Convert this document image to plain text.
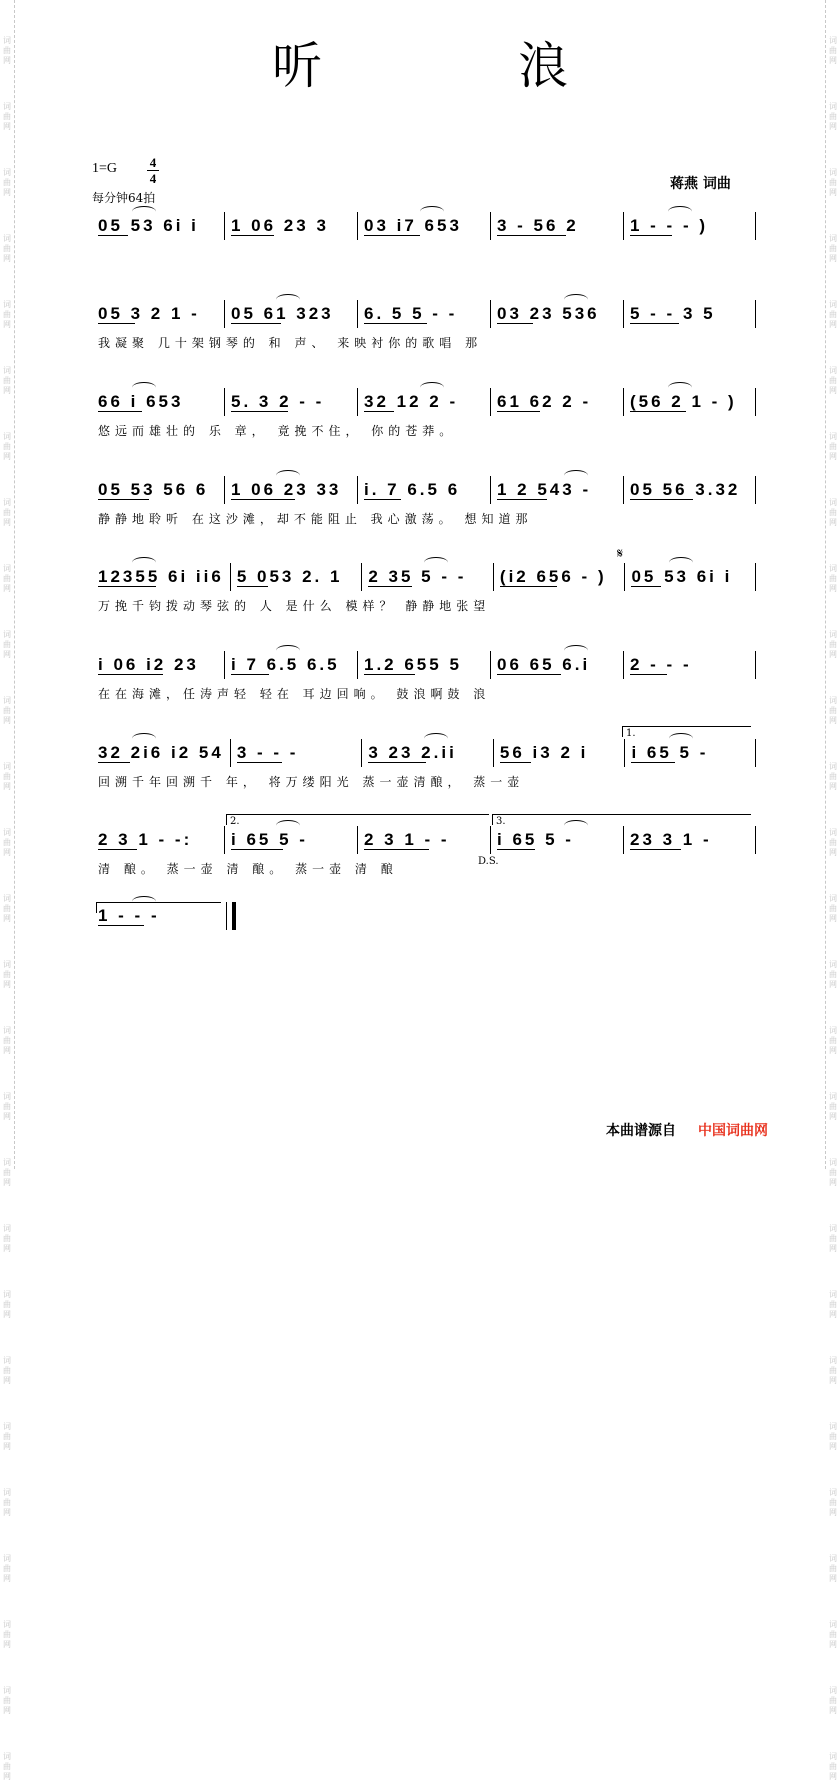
词
曲
网
词
曲
网
词
曲
网
词
曲
网
词
曲
网
词
曲
网
词
曲
网
词
曲
网
词
曲
网
词
曲
网
词
曲
网
词
曲
网
词
曲
网
词
曲
网
词
曲
网
词
曲
网
词
曲
网
词
曲
网
词
曲
网
词
曲
网
词
曲
网
词
曲
网
词
曲
网
词
曲
网
词
曲
网
词
曲
网
词
曲
网
词
曲
网
词
曲
网
词
曲
网
词
曲
网
词
曲
网
词
曲
网
词
曲
网
词
曲
网
词
曲
网
词
曲
网
词
曲
网
词
曲
网
词
曲
网
词
曲
网
词
曲
网
词
曲
网
词
曲
网
词
曲
网
词
曲
网
词
曲
网
词
曲
网
词
曲
网
词
曲
网
词
曲
网
词
曲
网
词
曲
网
词
曲
网
听 浪
1=G	4
4
每分钟64拍
蒋燕 词曲
05 53 6i i	1 06 23 3	03 i7 653	3 - 56 2	1 - - - )
05 3 2 1 -	05 61 323	6. 5 5 - -	03 23 536	5 - - 3 5
我凝聚 几十架钢琴的 和 声、 来映衬你的歌唱 那
66 i 653	5. 3 2 - -	32 12 2 -	61 62 2 -	(56 2 1 - )
悠远而雄壮的 乐 章， 竟挽不住， 你的苍莽。
05 53 56 6	1 06 23 33	i. 7 6.5 6	1 2 543 -	05 56 3.32
静静地聆听 在这沙滩，却不能阻止 我心激荡。 想知道那
12355 6i ii6 5 053 2. 1	2 35 5 - -	(i2 656 - )	05 53 6i i
万挽千钧拨动琴弦的 人 是什么 模样？ 静静地张望
i 06 i2 23	i 7 6.5 6.5	1.2 655 5	06 65 6.i	2 - - -
在在海滩，任涛声轻 轻在 耳边回响。 鼓浪啊鼓 浪
32 2i6 i2 54 3 - - -	3 23 2.ii	56 i3 2 i	i 65 5 -
回溯千年回溯千 年， 将万缕阳光 蒸一壶清酿， 蒸一壶
2 3 1 - -:	i 65 5 -	2 3 1 - -	i 65 5 -	23 3 1 -
清 酿。 蒸一壶 清 酿。 蒸一壶 清 酿
1 - - -
𝄋
本曲谱源自 中国词曲网
1.
2.	3.
D.S.
